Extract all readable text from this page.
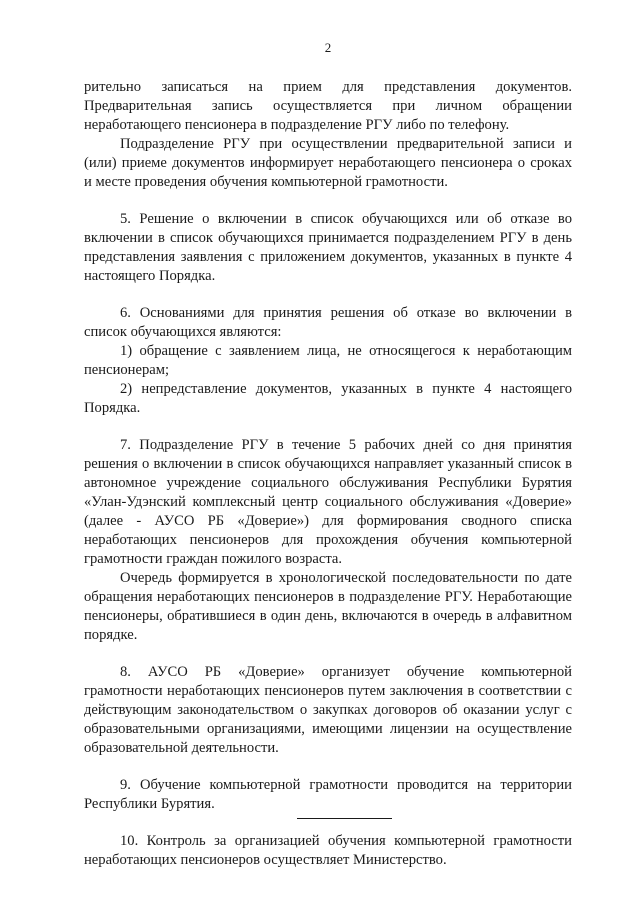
2

рительно записаться на прием для представления документов. Предварительная запись осуществляется при личном обращении неработающего пенсионера в подразделение РГУ либо по телефону.

Подразделение РГУ при осуществлении предварительной записи и (или) приеме документов информирует неработающего пенсионера о сроках и месте проведения обучения компьютерной грамотности.

5. Решение о включении в список обучающихся или об отказе во включении в список обучающихся принимается подразделением РГУ в день представления заявления с приложением документов, указанных в пункте 4 настоящего Порядка.

6. Основаниями для принятия решения об отказе во включении в список обучающихся являются:

1) обращение с заявлением лица, не относящегося к неработающим пенсионерам;

2) непредставление документов, указанных в пункте 4 настоящего Порядка.

7. Подразделение РГУ в течение 5 рабочих дней со дня принятия решения о включении в список обучающихся направляет указанный список в автономное учреждение социального обслуживания Республики Бурятия «Улан-Удэнский комплексный центр социального обслуживания «Доверие» (далее - АУСО РБ «Доверие») для формирования сводного списка неработающих пенсионеров для прохождения обучения компьютерной грамотности граждан пожилого возраста.

Очередь формируется в хронологической последовательности по дате обращения неработающих пенсионеров в подразделение РГУ. Неработающие пенсионеры, обратившиеся в один день, включаются в очередь в алфавитном порядке.

8. АУСО РБ «Доверие» организует обучение компьютерной грамотности неработающих пенсионеров путем заключения в соответствии с действующим законодательством о закупках договоров об оказании услуг с образовательными организациями, имеющими лицензии на осуществление образовательной деятельности.

9. Обучение компьютерной грамотности проводится на территории Республики Бурятия.

10. Контроль за организацией обучения компьютерной грамотности неработающих пенсионеров осуществляет Министерство.
